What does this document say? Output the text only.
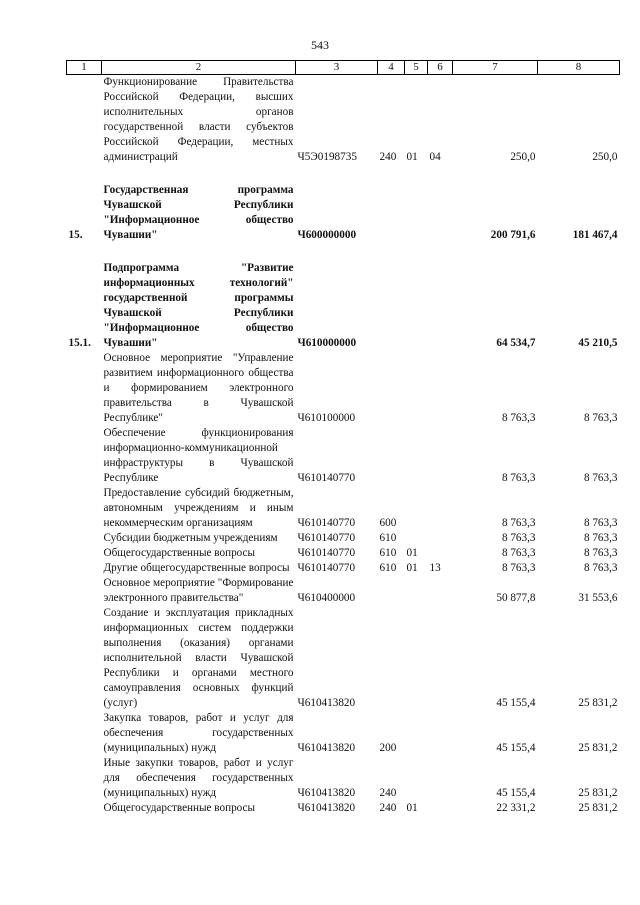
543
1	2	3	4	5	6	7	8
	Функционирование Правительства Российской Федерации, высших исполнительных органов государственной власти субъектов Российской Федерации, местных администраций	Ч5Э0198735	240	01	04	250,0	250,0
15.	Государственная программа Чувашской Республики "Информационное общество Чувашии"	Ч600000000				200 791,6	181 467,4
15.1.	Подпрограмма "Развитие информационных технологий" государственной программы Чувашской Республики "Информационное общество Чувашии"	Ч610000000				64 534,7	45 210,5
	Основное мероприятие "Управление развитием информационного общества и формированием электронного правительства в Чувашской Республике"	Ч610100000				8 763,3	8 763,3
	Обеспечение функционирования информационно-коммуникационной инфраструктуры в Чувашской Республике	Ч610140770				8 763,3	8 763,3
	Предоставление субсидий бюджетным, автономным учреждениям и иным некоммерческим организациям	Ч610140770	600			8 763,3	8 763,3
	Субсидии бюджетным учреждениям	Ч610140770	610			8 763,3	8 763,3
	Общегосударственные вопросы	Ч610140770	610	01		8 763,3	8 763,3
	Другие общегосударственные вопросы	Ч610140770	610	01	13	8 763,3	8 763,3
	Основное мероприятие "Формирование электронного правительства"	Ч610400000				50 877,8	31 553,6
	Создание и эксплуатация прикладных информационных систем поддержки выполнения (оказания) органами исполнительной власти Чувашской Республики и органами местного самоуправления основных функций (услуг)	Ч610413820				45 155,4	25 831,2
	Закупка товаров, работ и услуг для обеспечения государственных (муниципальных) нужд	Ч610413820	200			45 155,4	25 831,2
	Иные закупки товаров, работ и услуг для обеспечения государственных (муниципальных) нужд	Ч610413820	240			45 155,4	25 831,2
	Общегосударственные вопросы	Ч610413820	240	01		22 331,2	25 831,2
